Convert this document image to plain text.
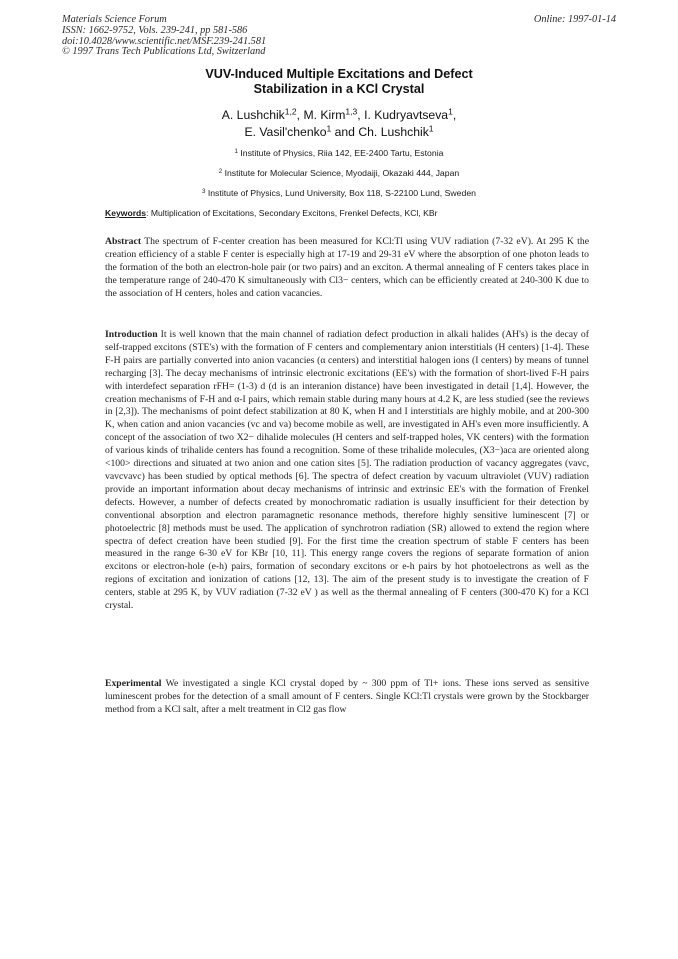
Materials Science Forum
ISSN: 1662-9752, Vols. 239-241, pp 581-586
doi:10.4028/www.scientific.net/MSF.239-241.581
© 1997 Trans Tech Publications Ltd, Switzerland
Online: 1997-01-14
VUV-Induced Multiple Excitations and Defect
Stabilization in a KCl Crystal
A. Lushchik$^{1,2}$, M. Kirm$^{1,3}$, I. Kudryavtseva$^1$,
E. Vasil'chenko$^1$ and Ch. Lushchik$^1$
$^1$ Institute of Physics, Riia 142, EE-2400 Tartu, Estonia
$^2$ Institute for Molecular Science, Myodaiji, Okazaki 444, Japan
$^3$ Institute of Physics, Lund University, Box 118, S-22100 Lund, Sweden
Keywords: Multiplication of Excitations, Secondary Excitons, Frenkel Defects, KCl, KBr
Abstract The spectrum of F-center creation has been measured for KCl:Tl using VUV radiation (7-32 eV). At 295 K the creation efficiency of a stable F center is especially high at 17-19 and 29-31 eV where the absorption of one photon leads to the formation of the both an electron-hole pair (or two pairs) and an exciton. A thermal annealing of F centers takes place in the temperature range of 240-470 K simultaneously with Cl3− centers, which can be efficiently created at 240-300 K due to the association of H centers, holes and cation vacancies.
Introduction It is well known that the main channel of radiation defect production in alkali halides (AH's) is the decay of self-trapped excitons (STE's) with the formation of F centers and complementary anion interstitials (H centers) [1-4]. These F-H pairs are partially converted into anion vacancies (α centers) and interstitial halogen ions (I centers) by means of tunnel recharging [3]. The decay mechanisms of intrinsic electronic excitations (EE's) with the formation of short-lived F-H pairs with interdefect separation rFH= (1-3) d (d is an interanion distance) have been investigated in detail [1,4]. However, the creation mechanisms of F-H and α-I pairs, which remain stable during many hours at 4.2 K, are less studied (see the reviews in [2,3]). The mechanisms of point defect stabilization at 80 K, when H and I interstitials are highly mobile, and at 200-300 K, when cation and anion vacancies (vc and va) become mobile as well, are investigated in AH's even more insufficiently. A concept of the association of two X2− dihalide molecules (H centers and self-trapped holes, VK centers) with the formation of various kinds of trihalide centers has found a recognition. Some of these trihalide molecules, (X3−)aca are oriented along <100> directions and situated at two anion and one cation sites [5]. The radiation production of vacancy aggregates (vavc, vavcvavc) has been studied by optical methods [6]. The spectra of defect creation by vacuum ultraviolet (VUV) radiation provide an important information about decay mechanisms of intrinsic and extrinsic EE's with the formation of Frenkel defects. However, a number of defects created by monochromatic radiation is usually insufficient for their detection by conventional absorption and electron paramagnetic resonance methods, therefore highly sensitive luminescent [7] or photoelectric [8] methods must be used. The application of synchrotron radiation (SR) allowed to extend the region where spectra of defect creation have been studied [9]. For the first time the creation spectrum of stable F centers has been measured in the range 6-30 eV for KBr [10, 11]. This energy range covers the regions of separate formation of anion excitons or electron-hole (e-h) pairs, formation of secondary excitons or e-h pairs by hot photoelectrons as well as the regions of excitation and ionization of cations [12, 13]. The aim of the present study is to investigate the creation of F centers, stable at 295 K, by VUV radiation (7-32 eV ) as well as the thermal annealing of F centers (300-470 K) for a KCl crystal.
Experimental We investigated a single KCl crystal doped by ~ 300 ppm of Tl+ ions. These ions served as sensitive luminescent probes for the detection of a small amount of F centers. Single KCl:Tl crystals were grown by the Stockbarger method from a KCl salt, after a melt treatment in Cl2 gas flow
